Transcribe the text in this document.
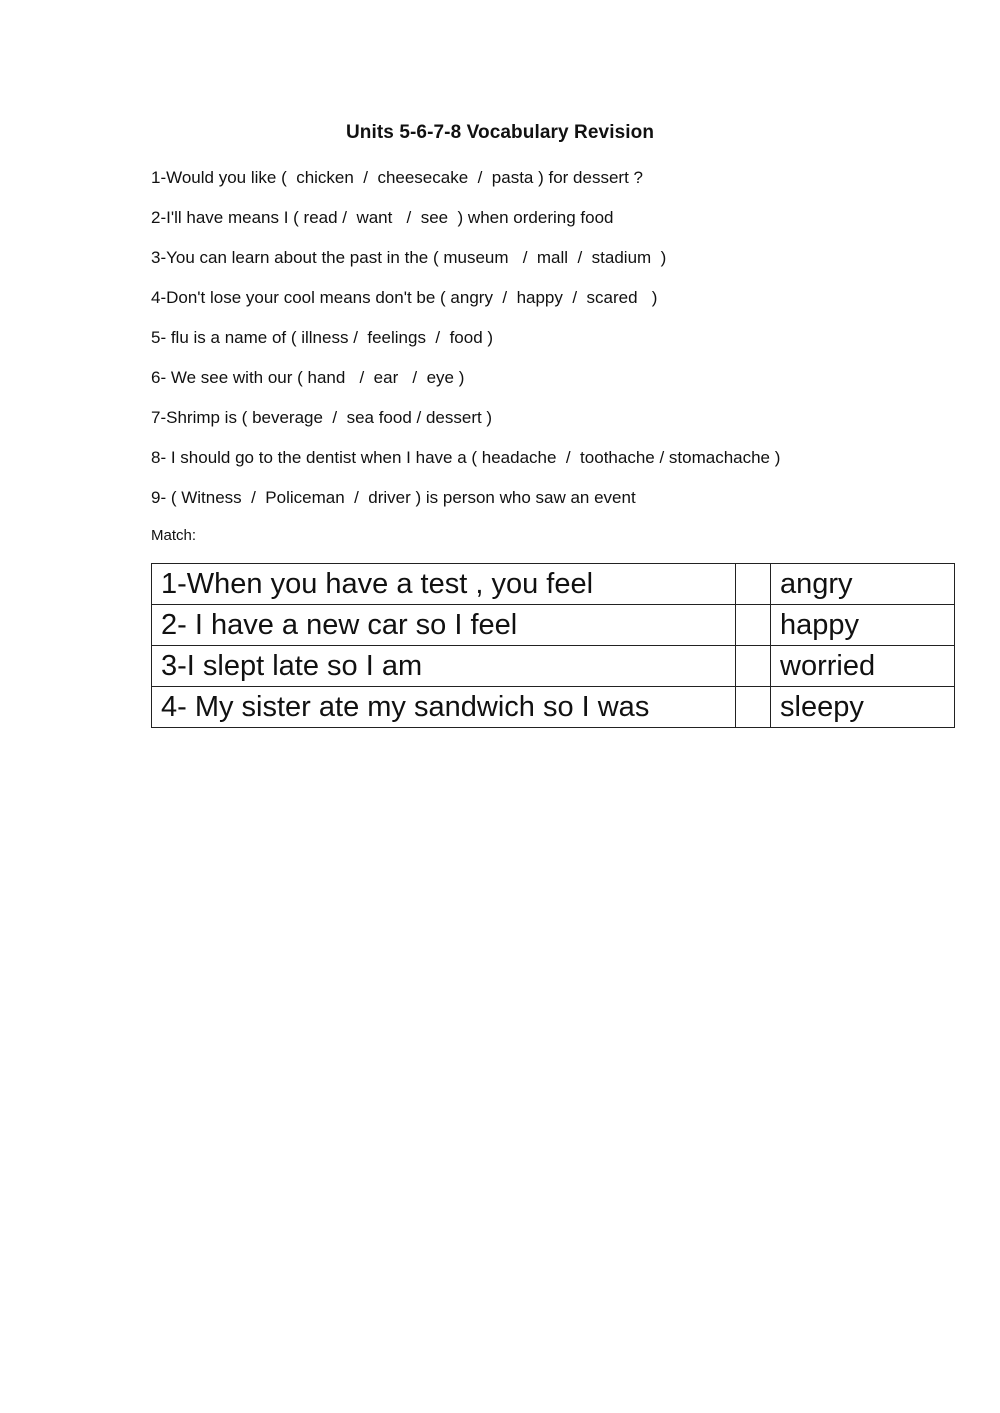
Units 5-6-7-8 Vocabulary Revision
1-Would you like (  chicken  /  cheesecake  /  pasta ) for dessert ?
2-I'll have means I ( read /  want   /  see  ) when ordering food
3-You can learn about the past in the ( museum   /  mall  /  stadium  )
4-Don't lose your cool means don't be ( angry  /  happy  /  scared   )
5- flu is a name of ( illness /  feelings  /  food )
6- We see with our ( hand   /  ear   /  eye )
7-Shrimp is ( beverage  /  sea food / dessert )
8- I should go to the dentist when I have a ( headache  /  toothache / stomachache )
9- ( Witness  /  Policeman  /  driver ) is person who saw an event
Match:
1-When you have a test , you feel		angry
2- I have a new car so I feel		happy
3-I slept late so I am		worried
4- My sister ate my sandwich so I was		sleepy
